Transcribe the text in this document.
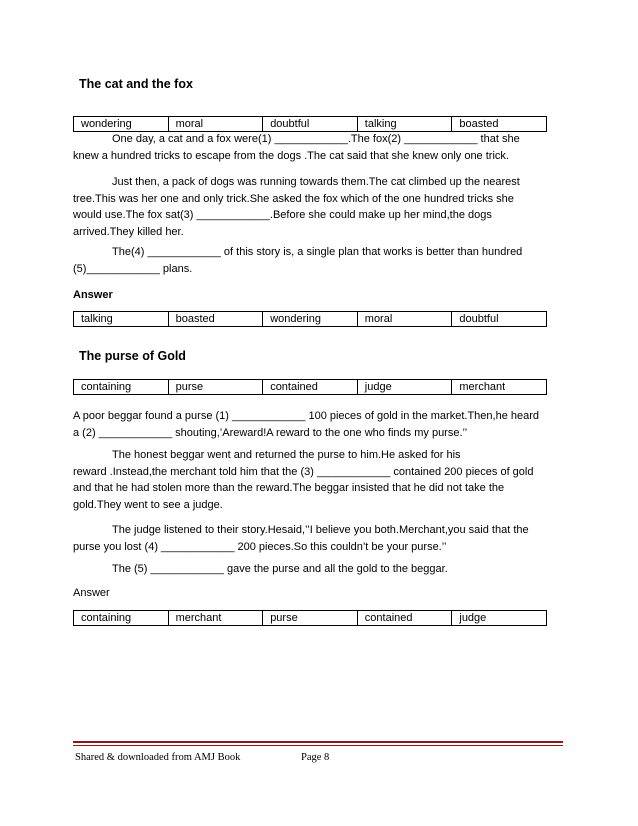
The cat and the fox
wondering	moral	doubtful	talking	boasted
One day, a cat and a fox were(1) ____________.The fox(2) ____________ that she
knew a hundred tricks to escape from the dogs .The cat said that she knew only one trick.
Just then, a pack of dogs was running towards them.The cat climbed up the nearest
tree.This was her one and only trick.She asked the fox which of the one hundred tricks she
would use.The fox sat(3) ____________.Before she could make up her mind,the dogs
arrived.They killed her.
The(4) ____________ of this story is, a single plan that works is better than hundred
(5)____________ plans.
Answer
talking	boasted	wondering	moral	doubtful
The purse of Gold
containing	purse	contained	judge	merchant
A poor beggar found a purse (1) ____________ 100 pieces of gold in the market.Then,he heard
a (2) ____________ shouting,’Areward!A reward to the one who finds my purse.’’
The honest beggar went and returned the purse to him.He asked for his
reward .Instead,the merchant told him that the (3) ____________ contained 200 pieces of gold
and that he had stolen more than the reward.The beggar insisted that he did not take the
gold.They went to see a judge.
The judge listened to their story.Hesaid,’’I believe you both.Merchant,you said that the
purse you lost (4) ____________ 200 pieces.So this couldn’t be your purse.’’
The (5) ____________ gave the purse and all the gold to the beggar.
Answer
containing	merchant	purse	contained	judge
Shared & downloaded from AMJ Book	Page 8
